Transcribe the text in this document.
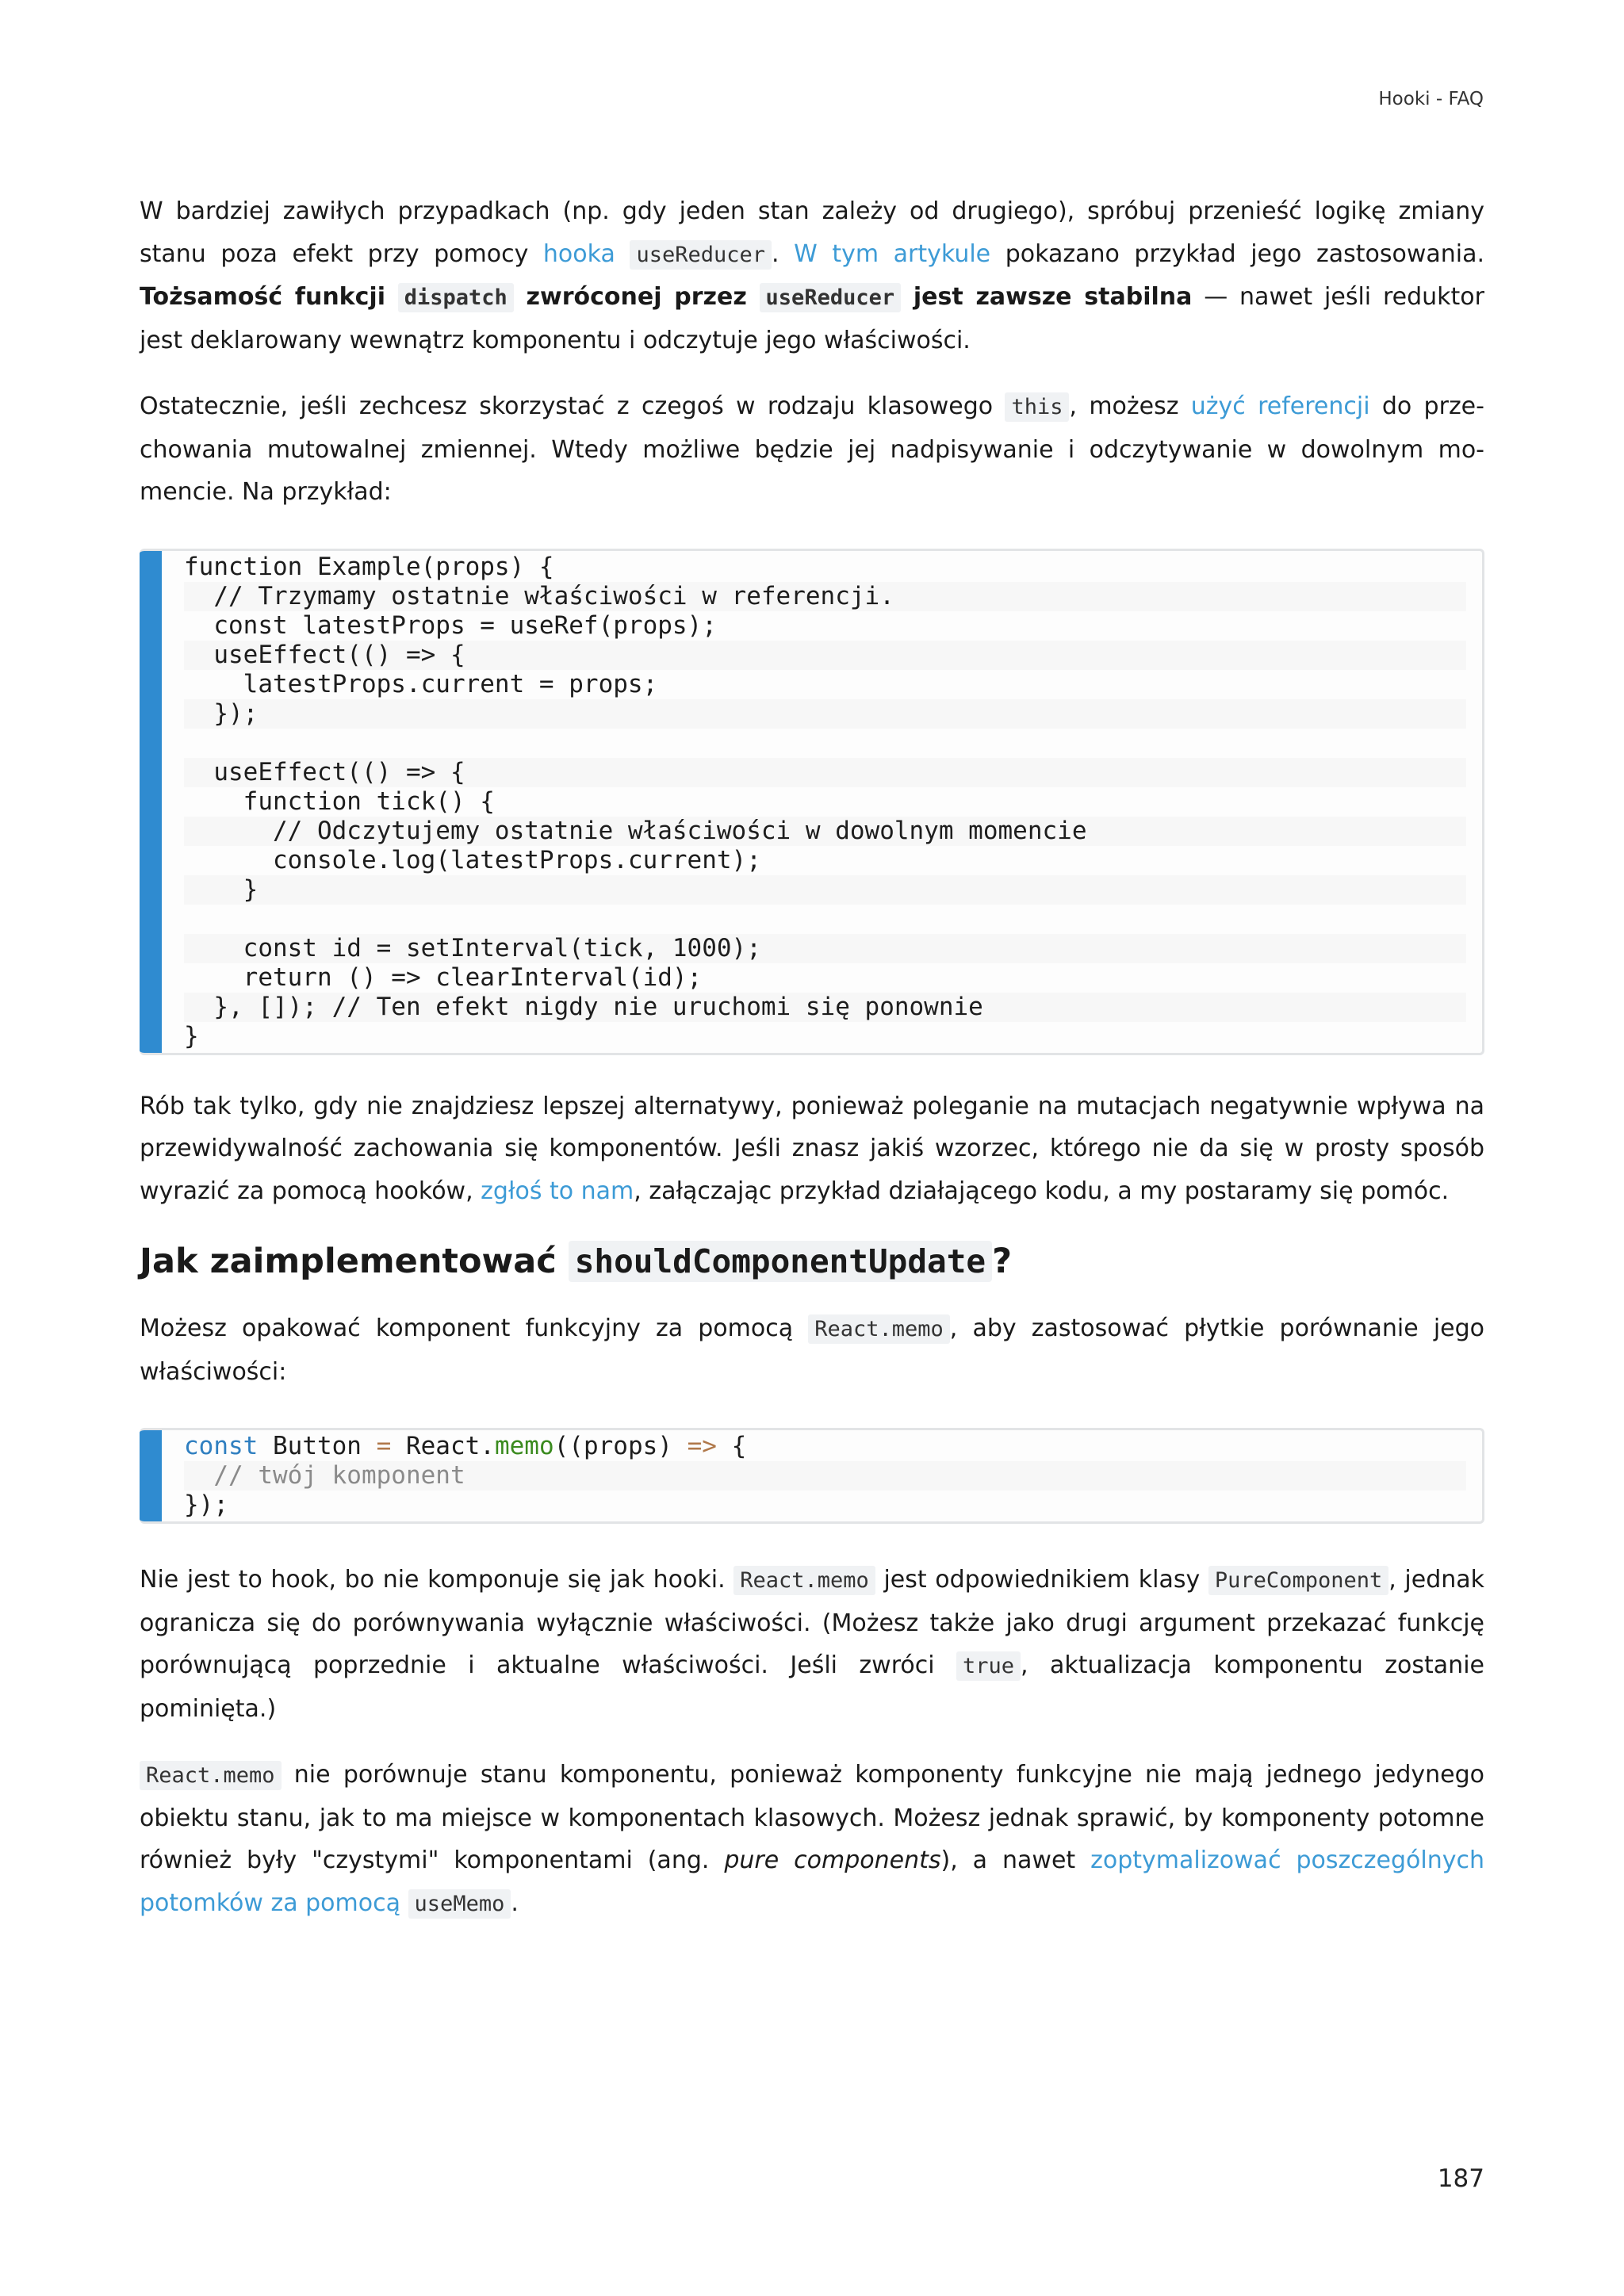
Hooki - FAQ

W bardziej zawiłych przypadkach (np. gdy jeden stan zależy od drugiego), spróbuj przenieść logikę zmiany stanu poza efekt przy pomocy hooka useReducer . W tym artykule pokazano przykład jego zastosowania. Tożsamość funkcji dispatch zwróconej przez useReducer jest zawsze stabilna — nawet jeśli reduktor jest deklarowany wewnątrz komponentu i odczytuje jego właściwości.

Ostatecznie, jeśli zechcesz skorzystać z czegoś w rodzaju klasowego this , możesz użyć referencji do przechowania mutowalnej zmiennej. Wtedy możliwe będzie jej nadpisywanie i odczytywanie w dowolnym momencie. Na przykład:

function Example(props) {

// Trzymamy ostatnie właściwości w referencji.
const latestProps = useRef(props);

useEffect(() => {
latestProps.current = props;

});

useEffect(() => {
function tick() {

// Odczytujemy ostatnie właściwości w dowolnym momencie
console.log(latestProps.current);

}

const id = setInterval(tick, 1000);
return () => clearInterval(id);

}, []); // Ten efekt nigdy nie uruchomi się ponownie
}

Rób tak tylko, gdy nie znajdziesz lepszej alternatywy, ponieważ poleganie na mutacjach negatywnie wpływa na przewidywalność zachowania się komponentów. Jeśli znasz jakiś wzorzec, którego nie da się w prosty sposób wyrazić za pomocą hooków, zgłoś to nam, załączając przykład działającego kodu, a my postaramy się pomóc.

Jak zaimplementować shouldComponentUpdate ?

Możesz opakować komponent funkcyjny za pomocą React.memo , aby zastosować płytkie porównanie jego właściwości:

const Button = React.memo((props) => {

// twój komponent
});

Nie jest to hook, bo nie komponuje się jak hooki. React.memo jest odpowiednikiem klasy PureComponent , jednak ogranicza się do porównywania wyłącznie właściwości. (Możesz także jako drugi argument przekazać funkcję porównującą poprzednie i aktualne właściwości. Jeśli zwróci true , aktualizacja komponentu zostanie pominięta.)

React.memo nie porównuje stanu komponentu, ponieważ komponenty funkcyjne nie mają jednego jedynego obiektu stanu, jak to ma miejsce w komponentach klasowych. Możesz jednak sprawić, by komponenty potomne również były "czystymi" komponentami (ang. pure components), a nawet zoptymalizować poszczególnych potomków za pomocą useMemo .

187
